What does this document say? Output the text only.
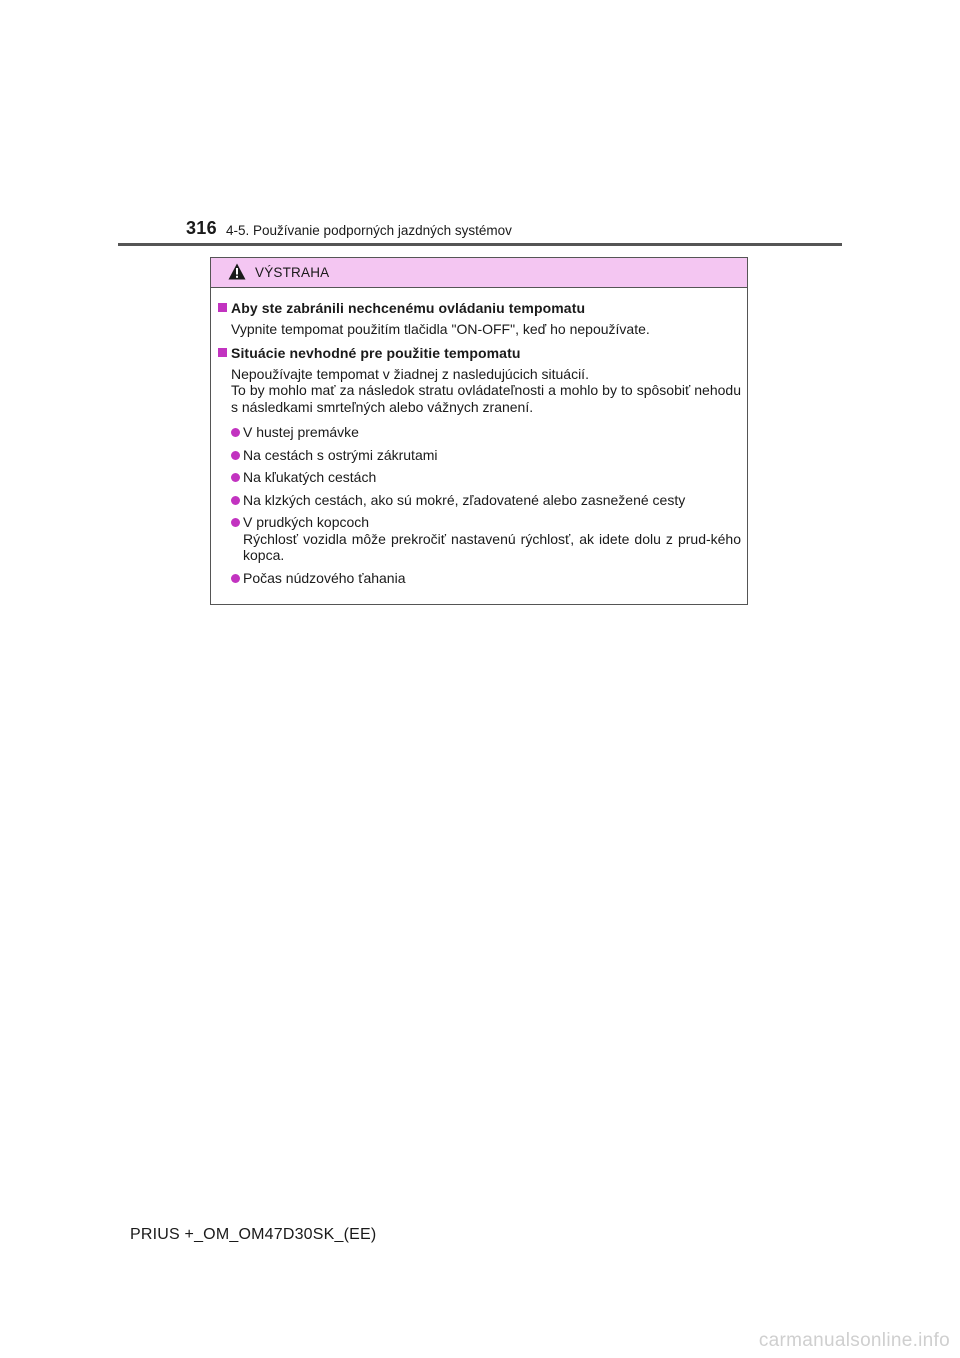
316 4-5. Používanie podporných jazdných systémov
VÝSTRAHA
Aby ste zabránili nechcenému ovládaniu tempomatu
Vypnite tempomat použitím tlačidla "ON-OFF", keď ho nepoužívate.
Situácie nevhodné pre použitie tempomatu
Nepoužívajte tempomat v žiadnej z nasledujúcich situácií.
To by mohlo mať za následok stratu ovládateľnosti a mohlo by to spôsobiť nehodu s následkami smrteľných alebo vážnych zranení.
V hustej premávke
Na cestách s ostrými zákrutami
Na kľukatých cestách
Na klzkých cestách, ako sú mokré, zľadovatené alebo zasnežené cesty
V prudkých kopcoch
Rýchlosť vozidla môže prekročiť nastavenú rýchlosť, ak idete dolu z prud-kého kopca.
Počas núdzového ťahania
PRIUS +_OM_OM47D30SK_(EE)
carmanualsonline.info
